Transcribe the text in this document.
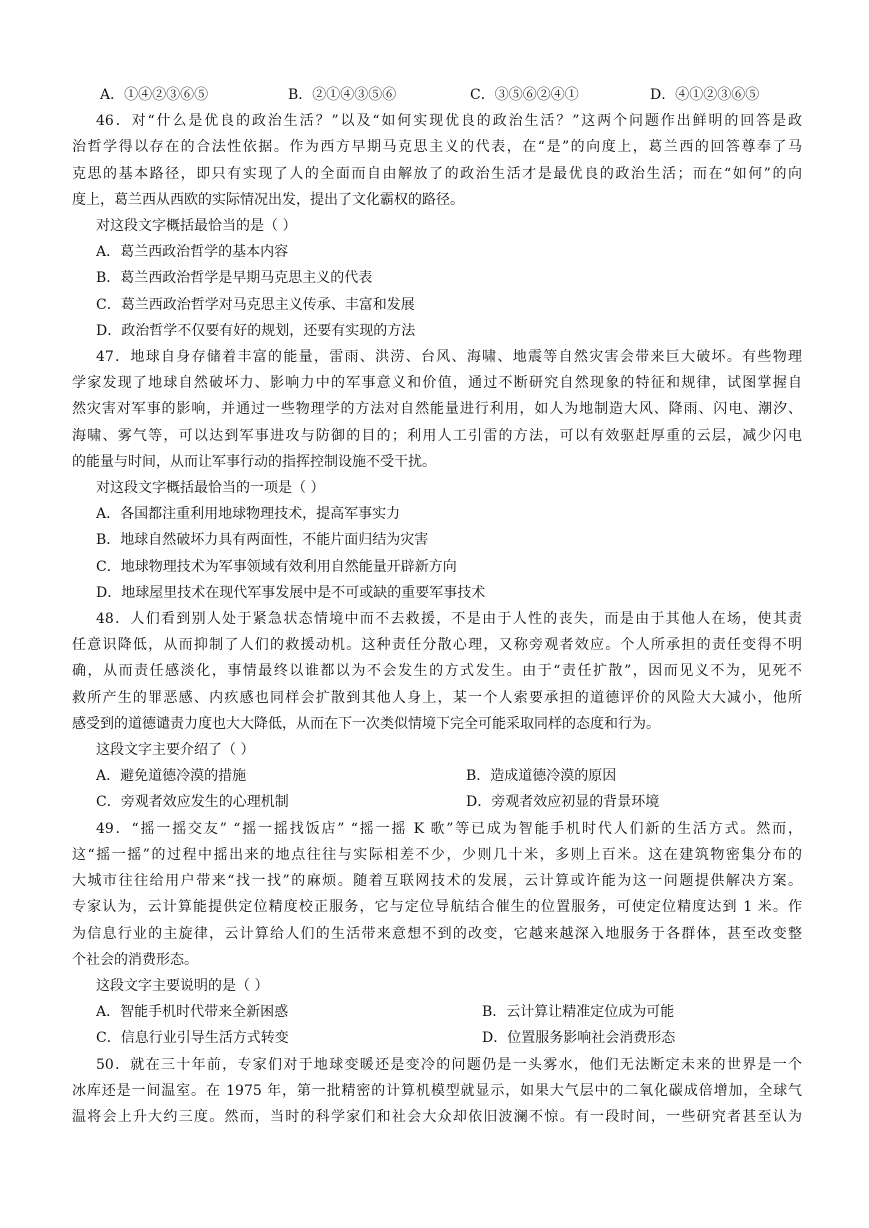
A．①④②③⑥⑤	B．②①④③⑤⑥	C．③⑤⑥②④①	D．④①②③⑥⑤
46．对“什么是优良的政治生活？”以及“如何实现优良的政治生活？”这两个问题作出鲜明的回答是政
治哲学得以存在的合法性依据。作为西方早期马克思主义的代表，在“是”的向度上，葛兰西的回答尊奉了马
克思的基本路径，即只有实现了人的全面而自由解放了的政治生活才是最优良的政治生活；而在“如何”的向
度上，葛兰西从西欧的实际情况出发，提出了文化霸权的路径。
对这段文字概括最恰当的是（ ）
A．葛兰西政治哲学的基本内容
B．葛兰西政治哲学是早期马克思主义的代表
C．葛兰西政治哲学对马克思主义传承、丰富和发展
D．政治哲学不仅要有好的规划，还要有实现的方法
47．地球自身存储着丰富的能量，雷雨、洪涝、台风、海啸、地震等自然灾害会带来巨大破坏。有些物理
学家发现了地球自然破坏力、影响力中的军事意义和价值，通过不断研究自然现象的特征和规律，试图掌握自
然灾害对军事的影响，并通过一些物理学的方法对自然能量进行利用，如人为地制造大风、降雨、闪电、潮汐、
海啸、雾气等，可以达到军事进攻与防御的目的；利用人工引雷的方法，可以有效驱赶厚重的云层，减少闪电
的能量与时间，从而让军事行动的指挥控制设施不受干扰。
对这段文字概括最恰当的一项是（ ）
A．各国都注重利用地球物理技术，提高军事实力
B．地球自然破坏力具有两面性，不能片面归结为灾害
C．地球物理技术为军事领域有效利用自然能量开辟新方向
D．地球屋里技术在现代军事发展中是不可或缺的重要军事技术
48．人们看到别人处于紧急状态情境中而不去救援，不是由于人性的丧失，而是由于其他人在场，使其责
任意识降低，从而抑制了人们的救援动机。这种责任分散心理，又称旁观者效应。个人所承担的责任变得不明
确，从而责任感淡化，事情最终以谁都以为不会发生的方式发生。由于“责任扩散”，因而见义不为，见死不
救所产生的罪恶感、内疚感也同样会扩散到其他人身上，某一个人索要承担的道德评价的风险大大减小，他所
感受到的道德谴责力度也大大降低，从而在下一次类似情境下完全可能采取同样的态度和行为。
这段文字主要介绍了（ ）
A．避免道德冷漠的措施	B．造成道德冷漠的原因
C．旁观者效应发生的心理机制	D．旁观者效应初显的背景环境
49．“摇一摇交友” “摇一摇找饭店” “摇一摇 K 歌”等已成为智能手机时代人们新的生活方式。然而，
这“摇一摇”的过程中摇出来的地点往往与实际相差不少，少则几十米，多则上百米。这在建筑物密集分布的
大城市往往给用户带来“找一找”的麻烦。随着互联网技术的发展，云计算或许能为这一问题提供解决方案。
专家认为，云计算能提供定位精度校正服务，它与定位导航结合催生的位置服务，可使定位精度达到 1 米。作
为信息行业的主旋律，云计算给人们的生活带来意想不到的改变，它越来越深入地服务于各群体，甚至改变整
个社会的消费形态。
这段文字主要说明的是（ ）
A．智能手机时代带来全新困惑	B．云计算让精准定位成为可能
C．信息行业引导生活方式转变	D．位置服务影响社会消费形态
50．就在三十年前，专家们对于地球变暖还是变冷的问题仍是一头雾水，他们无法断定未来的世界是一个
冰库还是一间温室。在 1975 年，第一批精密的计算机模型就显示，如果大气层中的二氧化碳成倍增加，全球气
温将会上升大约三度。然而，当时的科学家们和社会大众却依旧波澜不惊。有一段时间，一些研究者甚至认为
